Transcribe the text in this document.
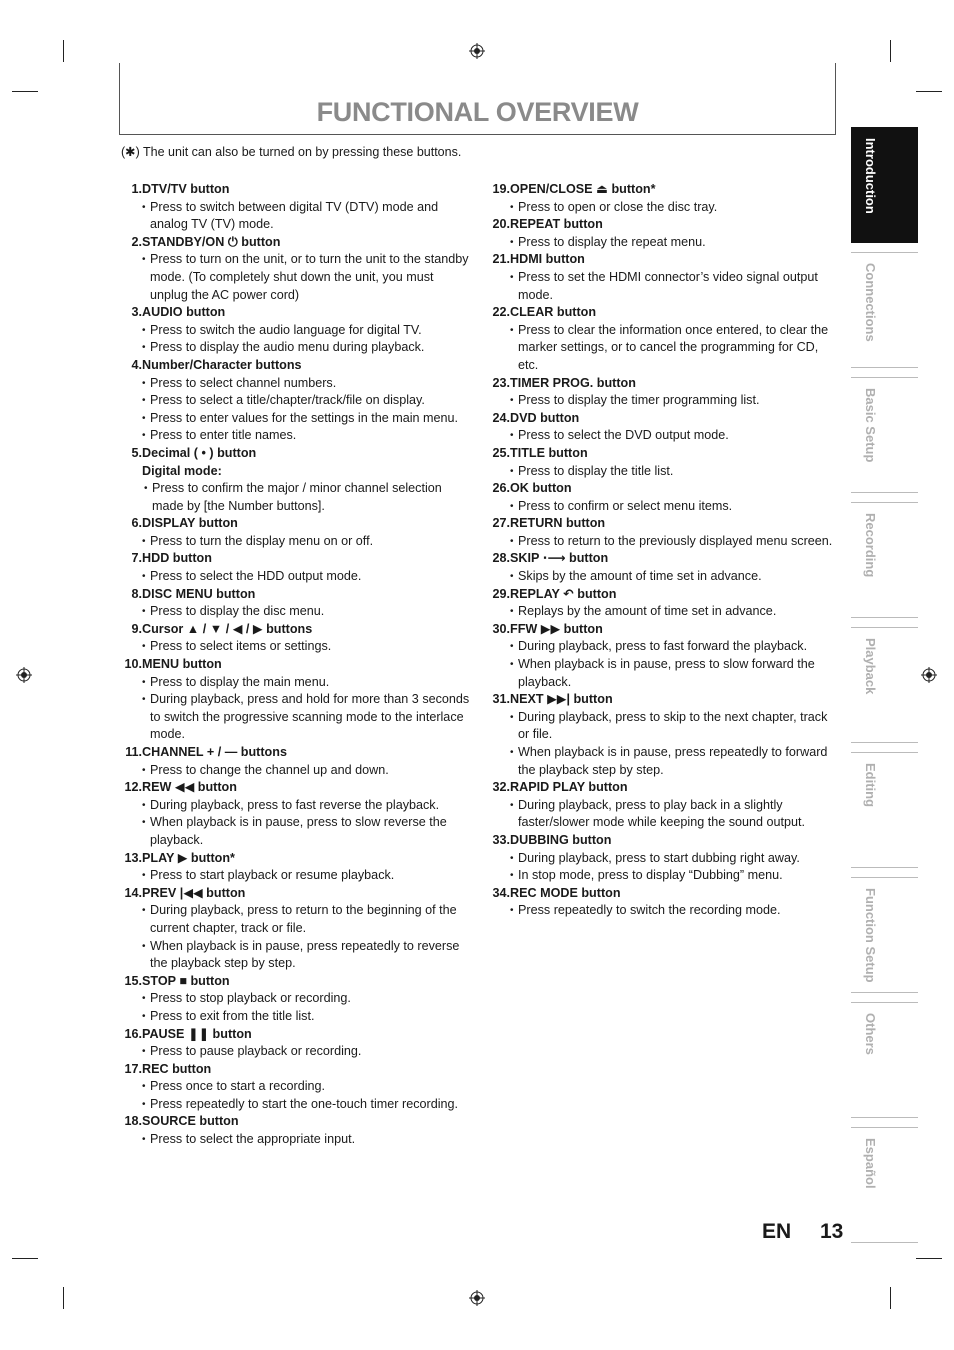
FUNCTIONAL OVERVIEW
(✱) The unit can also be turned on by pressing these buttons.
1. DTV/TV button
• Press to switch between digital TV (DTV) mode and analog TV (TV) mode.
2. STANDBY/ON ⏻ button
• Press to turn on the unit, or to turn the unit to the standby mode. (To completely shut down the unit, you must unplug the AC power cord)
3. AUDIO button
• Press to switch the audio language for digital TV.
• Press to display the audio menu during playback.
4. Number/Character buttons
• Press to select channel numbers.
• Press to select a title/chapter/track/file on display.
• Press to enter values for the settings in the main menu.
• Press to enter title names.
5. Decimal ( • ) button
Digital mode:
• Press to confirm the major / minor channel selection made by [the Number buttons].
6. DISPLAY button
• Press to turn the display menu on or off.
7. HDD button
• Press to select the HDD output mode.
8. DISC MENU button
• Press to display the disc menu.
9. Cursor ▲ / ▼ / ◀ / ▶ buttons
• Press to select items or settings.
10. MENU button
• Press to display the main menu.
• During playback, press and hold for more than 3 seconds to switch the progressive scanning mode to the interlace mode.
11. CHANNEL + / — buttons
• Press to change the channel up and down.
12. REW ◀◀ button
• During playback, press to fast reverse the playback.
• When playback is in pause, press to slow reverse the playback.
13. PLAY ▶ button*
• Press to start playback or resume playback.
14. PREV |◀◀ button
• During playback, press to return to the beginning of the current chapter, track or file.
• When playback is in pause, press repeatedly to reverse the playback step by step.
15. STOP ■ button
• Press to stop playback or recording.
• Press to exit from the title list.
16. PAUSE ❚❚ button
• Press to pause playback or recording.
17. REC button
• Press once to start a recording.
• Press repeatedly to start the one-touch timer recording.
18. SOURCE button
• Press to select the appropriate input.
19. OPEN/CLOSE ⏏ button*
• Press to open or close the disc tray.
20. REPEAT button
• Press to display the repeat menu.
21. HDMI button
• Press to set the HDMI connector’s video signal output mode.
22. CLEAR button
• Press to clear the information once entered, to clear the marker settings, or to cancel the programming for CD, etc.
23. TIMER PROG. button
• Press to display the timer programming list.
24. DVD button
• Press to select the DVD output mode.
25. TITLE button
• Press to display the title list.
26. OK button
• Press to confirm or select menu items.
27. RETURN button
• Press to return to the previously displayed menu screen.
28. SKIP ⋅⟶ button
• Skips by the amount of time set in advance.
29. REPLAY ↶ button
• Replays by the amount of time set in advance.
30. FFW ▶▶ button
• During playback, press to fast forward the playback.
• When playback is in pause, press to slow forward the playback.
31. NEXT ▶▶| button
• During playback, press to skip to the next chapter, track or file.
• When playback is in pause, press repeatedly to forward the playback step by step.
32. RAPID PLAY button
• During playback, press to play back in a slightly faster/slower mode while keeping the sound output.
33. DUBBING button
• During playback, press to start dubbing right away.
• In stop mode, press to display “Dubbing” menu.
34. REC MODE button
• Press repeatedly to switch the recording mode.
Introduction
Connections
Basic Setup
Recording
Playback
Editing
Function Setup
Others
Español
EN 13
